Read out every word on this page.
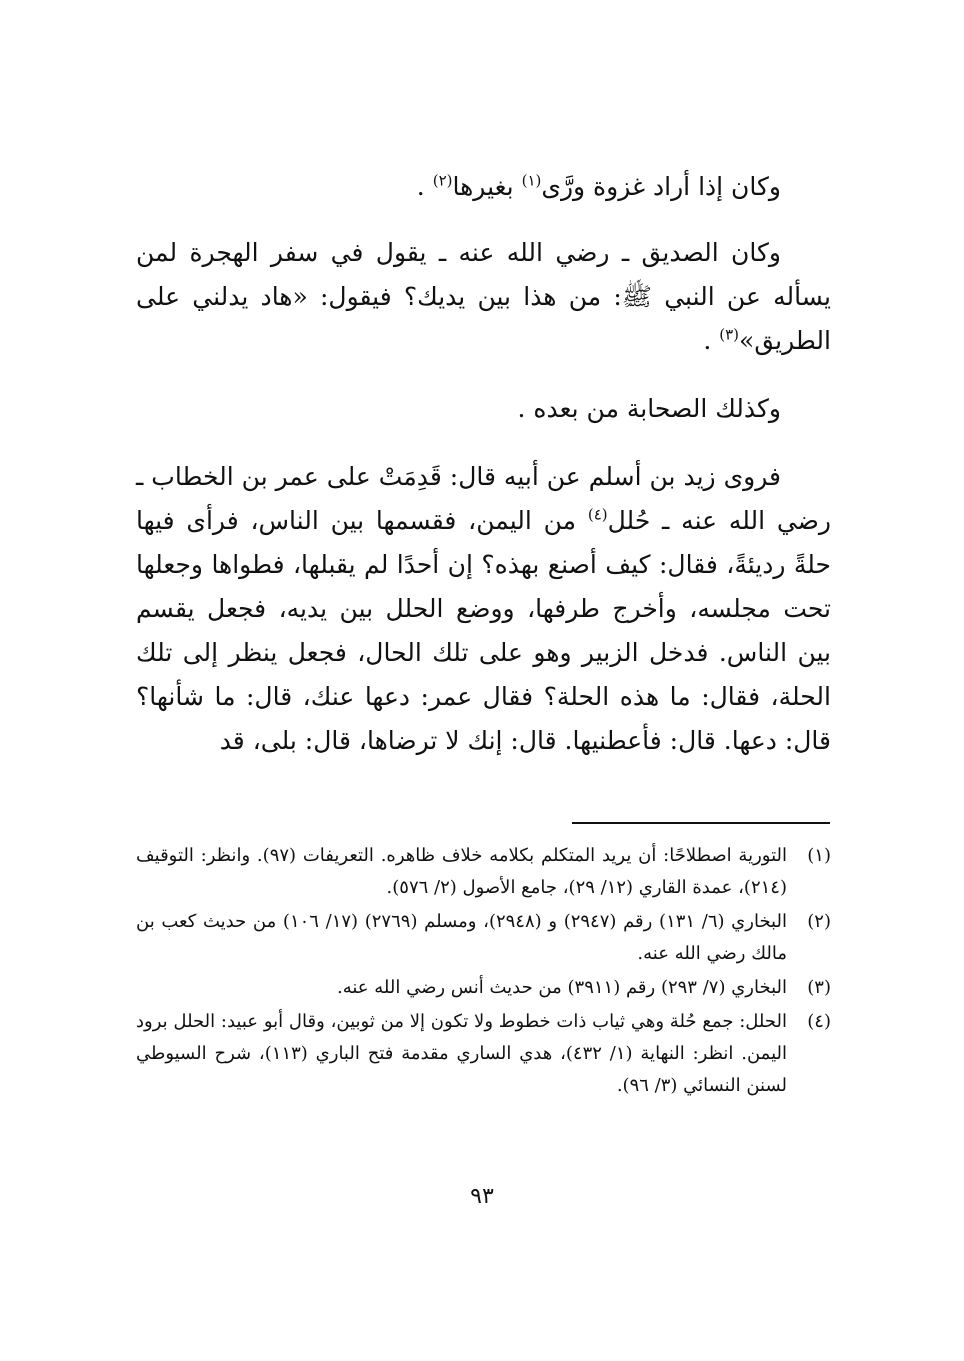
وكان إذا أراد غزوة ورَّى$^{(١)}$ بغيرها$^{(٢)}$ .

وكان الصديق ـ رضي الله عنه ـ يقول في سفر الهجرة لمن يسأله عن النبي ﷺ: من هذا بين يديك؟ فيقول: «هاد يدلني على الطريق»$^{(٣)}$ .

وكذلك الصحابة من بعده .

فروى زيد بن أسلم عن أبيه قال: قَدِمَتْ على عمر بن الخطاب ـ رضي الله عنه ـ حُلل$^{(٤)}$ من اليمن، فقسمها بين الناس، فرأى فيها حلةً رديئةً، فقال: كيف أصنع بهذه؟ إن أحدًا لم يقبلها، فطواها وجعلها تحت مجلسه، وأخرج طرفها، ووضع الحلل بين يديه، فجعل يقسم بين الناس. فدخل الزبير وهو على تلك الحال، فجعل ينظر إلى تلك الحلة، فقال: ما هذه الحلة؟ فقال عمر: دعها عنك، قال: ما شأنها؟ قال: دعها. قال: فأعطنيها. قال: إنك لا ترضاها، قال: بلى، قد

(١)
التورية اصطلاحًا: أن يريد المتكلم بكلامه خلاف ظاهره. التعريفات (٩٧). وانظر: التوقيف (٢١٤)، عمدة القاري (١٢/ ٢٩)، جامع الأصول (٢/ ٥٧٦).
(٢)
البخاري (٦/ ١٣١) رقم (٢٩٤٧) و (٢٩٤٨)، ومسلم (٢٧٦٩) (١٧/ ١٠٦) من حديث كعب بن مالك رضي الله عنه.
(٣)
البخاري (٧/ ٢٩٣) رقم (٣٩١١) من حديث أنس رضي الله عنه.
(٤)
الحلل: جمع حُلة وهي ثياب ذات خطوط ولا تكون إلا من ثوبين، وقال أبو عبيد: الحلل برود اليمن. انظر: النهاية (١/ ٤٣٢)، هدي الساري مقدمة فتح الباري (١١٣)، شرح السيوطي لسنن النسائي (٣/ ٩٦).
٩٣
